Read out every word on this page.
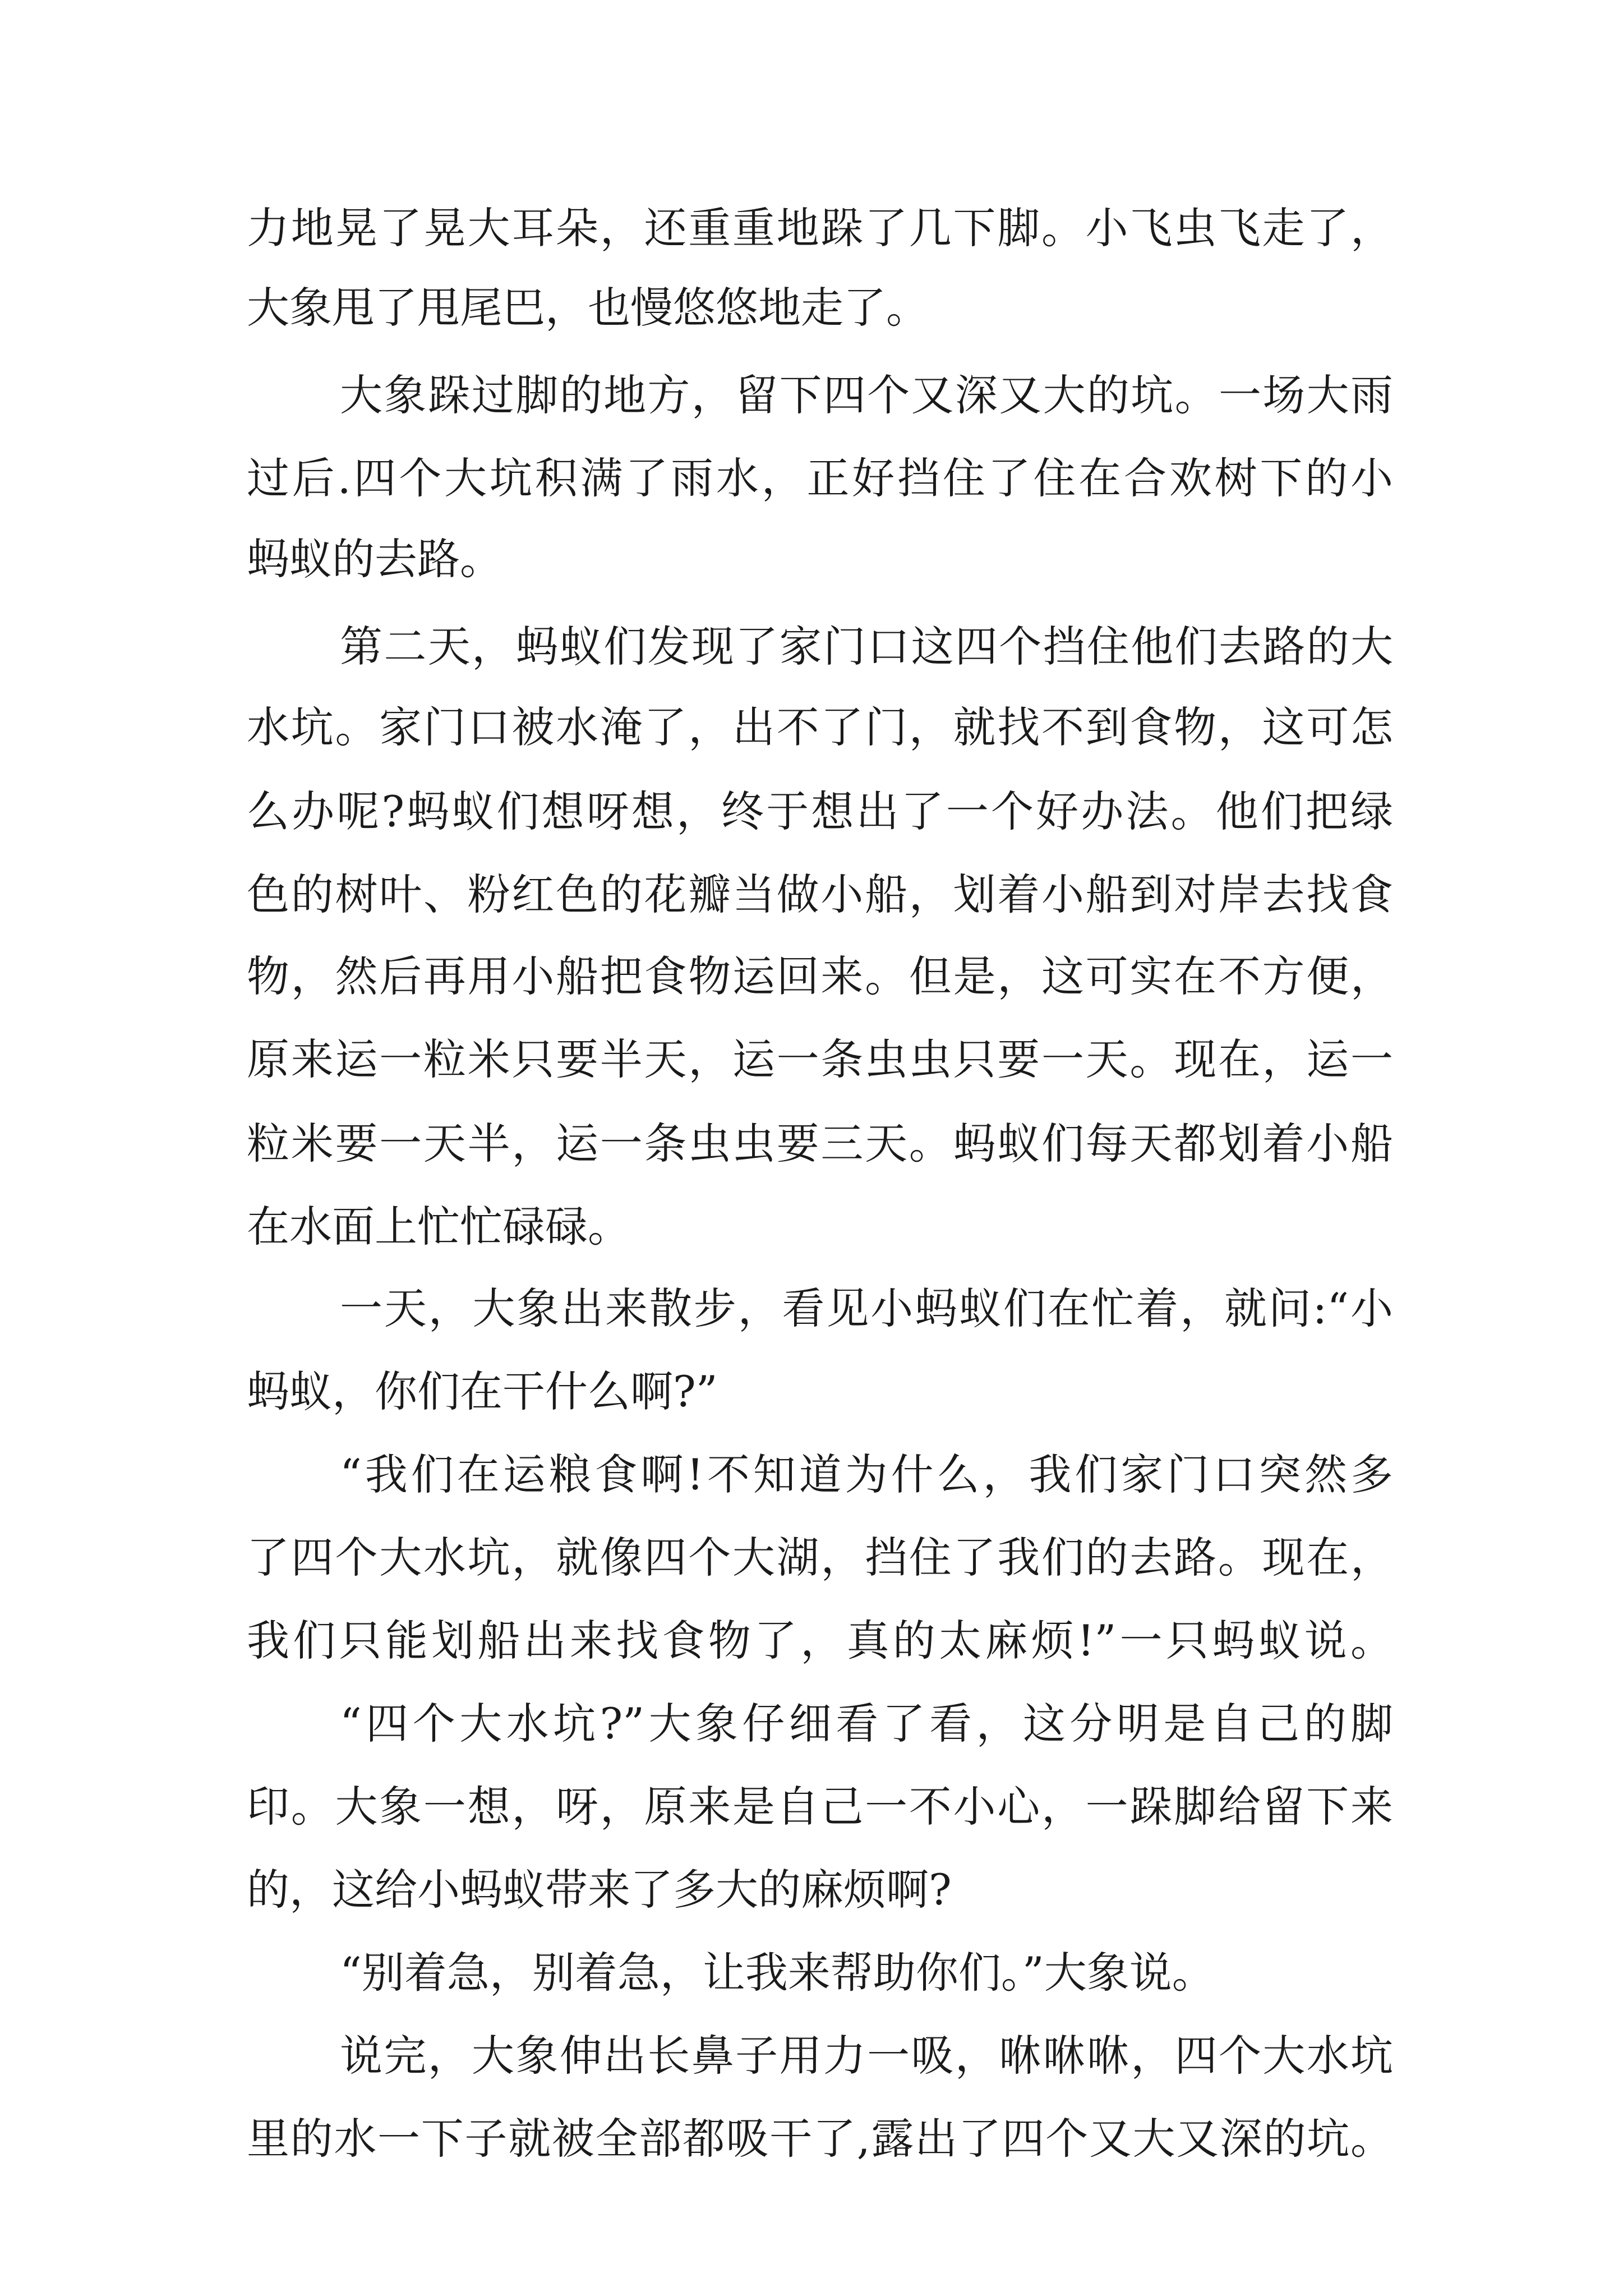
力地晃了晃大耳朵，还重重地跺了几下脚。小飞虫飞走了，
大象甩了甩尾巴，也慢悠悠地走了。
大象跺过脚的地方，留下四个又深又大的坑。一场大雨
过后.四个大坑积满了雨水，正好挡住了住在合欢树下的小
蚂蚁的去路。
第二天，蚂蚁们发现了家门口这四个挡住他们去路的大
水坑。家门口被水淹了，出不了门，就找不到食物，这可怎
么办呢?蚂蚁们想呀想，终于想出了一个好办法。他们把绿
色的树叶、粉红色的花瓣当做小船，划着小船到对岸去找食
物，然后再用小船把食物运回来。但是，这可实在不方便，
原来运一粒米只要半天，运一条虫虫只要一天。现在，运一
粒米要一天半，运一条虫虫要三天。蚂蚁们每天都划着小船
在水面上忙忙碌碌。
一天，大象出来散步，看见小蚂蚁们在忙着，就问:“小
蚂蚁，你们在干什么啊?”
“我们在运粮食啊!不知道为什么，我们家门口突然多
了四个大水坑，就像四个大湖，挡住了我们的去路。现在，
我们只能划船出来找食物了，真的太麻烦!”一只蚂蚁说。
“四个大水坑?”大象仔细看了看，这分明是自己的脚
印。大象一想，呀，原来是自己一不小心，一跺脚给留下来
的，这给小蚂蚁带来了多大的麻烦啊?
“别着急，别着急，让我来帮助你们。”大象说。
说完，大象伸出长鼻子用力一吸，咻咻咻，四个大水坑
里的水一下子就被全部都吸干了,露出了四个又大又深的坑。
